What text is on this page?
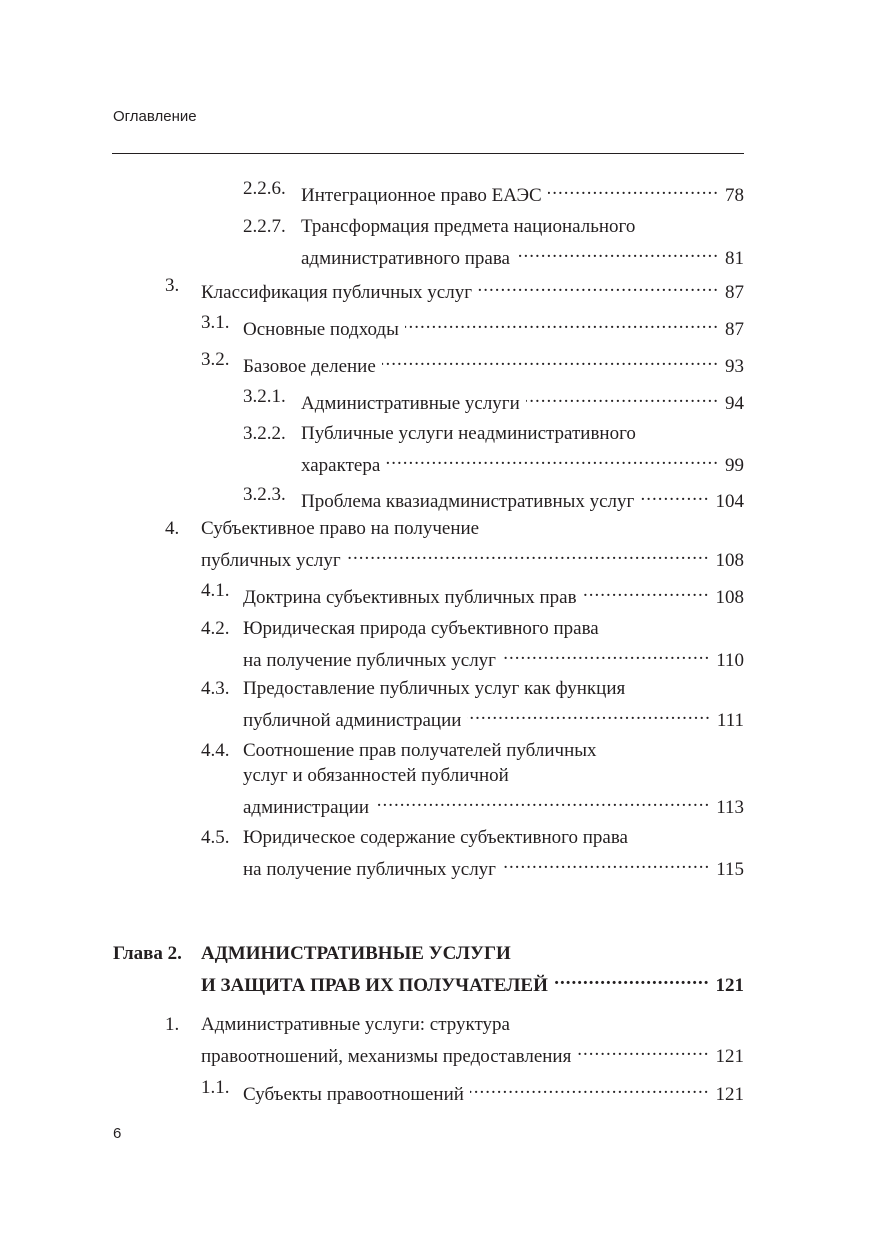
Оглавление
2.2.6. Интеграционное право ЕАЭС .....	78
2.2.7. Трансформация предмета национального
административного права .....	81
3. Классификация публичных услуг .....	87
3.1. Основные подходы .....	87
3.2. Базовое деление .....	93
3.2.1. Административные услуги .....	94
3.2.2. Публичные услуги неадминистративного
характера .....	99
3.2.3. Проблема квазиадминистративных услуг .....	104
4. Субъективное право на получение
публичных услуг .....	108
4.1. Доктрина субъективных публичных прав .....	108
4.2. Юридическая природа субъективного права
на получение публичных услуг .....	110
4.3. Предоставление публичных услуг как функция
публичной администрации .....	111
4.4. Соотношение прав получателей публичных
услуг и обязанностей публичной
администрации .....	113
4.5. Юридическое содержание субъективного права
на получение публичных услуг .....	115
Глава 2. АДМИНИСТРАТИВНЫЕ УСЛУГИ
И ЗАЩИТА ПРАВ ИХ ПОЛУЧАТЕЛЕЙ .....	121
1. Административные услуги: структура
правоотношений, механизмы предоставления .....	121
1.1. Субъекты правоотношений .....	121
6
